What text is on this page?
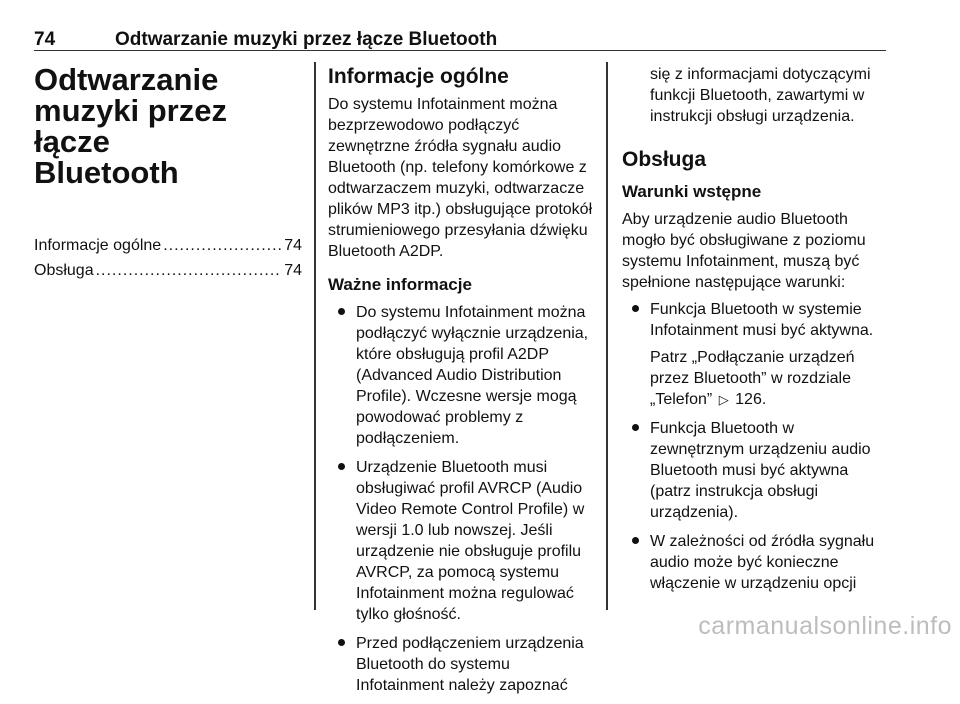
74	Odtwarzanie muzyki przez łącze Bluetooth
Odtwarzanie
muzyki przez łącze
Bluetooth
Informacje ogólne .....	74
Obsługa .....	74
Informacje ogólne

Do systemu Infotainment można bezprzewodowo podłączyć zewnętrzne źródła sygnału audio Bluetooth (np. telefony komórkowe z odtwarzaczem muzyki, odtwarzacze plików MP3 itp.) obsługujące protokół strumieniowego przesyłania dźwięku Bluetooth A2DP.

Ważne informacje
Do systemu Infotainment można podłączyć wyłącznie urządzenia, które obsługują profil A2DP (Advanced Audio Distribution Profile). Wczesne wersje mogą powodować problemy z podłączeniem.
Urządzenie Bluetooth musi obsługiwać profil AVRCP (Audio Video Remote Control Profile) w wersji 1.0 lub nowszej. Jeśli urządzenie nie obsługuje profilu AVRCP, za pomocą systemu Infotainment można regulować tylko głośność.
Przed podłączeniem urządzenia Bluetooth do systemu Infotainment należy zapoznać
się z informacjami dotyczącymi funkcji Bluetooth, zawartymi w instrukcji obsługi urządzenia.
Obsługa
Warunki wstępne

Aby urządzenie audio Bluetooth mogło być obsługiwane z poziomu systemu Infotainment, muszą być spełnione następujące warunki:

Funkcja Bluetooth w systemie Infotainment musi być aktywna.

Patrz „Podłączanie urządzeń przez Bluetooth” w rozdziale „Telefon” ▷ 126.

Funkcja Bluetooth w zewnętrznym urządzeniu audio Bluetooth musi być aktywna (patrz instrukcja obsługi urządzenia).
W zależności od źródła sygnału audio może być konieczne włączenie w urządzeniu opcji
carmanualsonline.info
